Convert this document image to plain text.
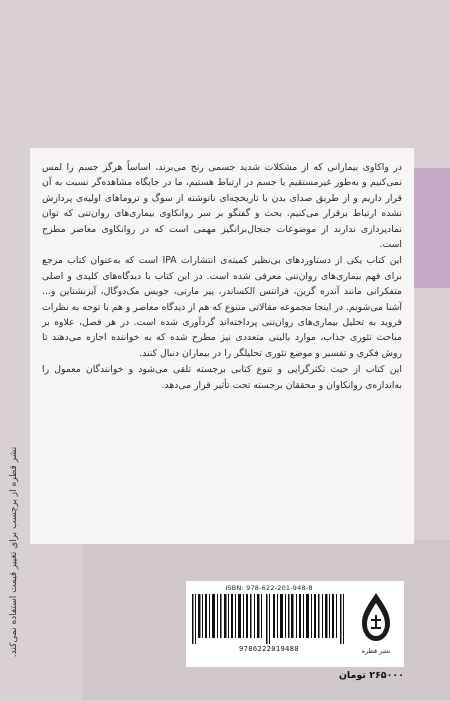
در واکاوی بیمارانی که از مشکلات شدید جسمی رنج می‌برند، اساساً هرگز جسم را لمس نمی‌کنیم و به‌طور غیرمستقیم با جسم در ارتباط هستیم، ما در جایگاه مشاهده‌گر نسبت به آن قرار داریم و از طریق صدای بدن با تاریخچه‌ای ناتوشته از سوگ و تروماهای اولیه‌ی پردازش نشده ارتباط برقرار می‌کنیم. بحث و گفتگو بر سر روانکاوی بیماری‌های روان‌تنی که توان نمادپردازی ندارند از موضوعات جنجال‌برانگیز مهمی است که در روانکاوی معاصر مطرح است.

این کتاب یکی از دستاوردهای بی‌نظیر کمیته‌ی انتشارات IPA است که به‌عنوان کتاب مرجع برای فهم بیماری‌های روان‌تنی معرفی شده است. در این کتاب با دیدگاه‌های کلیدی و اصلی متفکرانی مانند آندره گرین، فرانتس الکساندر، پیر مارتی، جویس مک‌دوگال، آیزنشتاین و... آشنا می‌شویم. در اینجا مجموعه مقالاتی متنوع که هم از دیدگاه معاصر و هم با توجه به نظرات فروید به تحلیل بیماری‌های روان‌تنی پرداخته‌اند گردآوری شده است. در هر فصل، علاوه بر مباحث تئوری جذاب، موارد بالینی متعددی نیز مطرح شده که به خواننده اجازه می‌دهند تا روش فکری و تفسیر و موضع تئوری تحلیلگر را در بیماران دنبال کنند.

این کتاب از حیث تکثرگرایی و تنوع کتابی برجسته تلقی می‌شود و خوانندگان معمول را به‌اندازه‌ی روانکاوان و محققان برجسته تحت تأثیر قرار می‌دهد.

نشر قطره از برچسب برای تغییر قیمت استفاده نمی‌کند.	ISBN: 978-622-201-948-8
9786222019488	نشر قطره
۲۶۵۰۰۰ تومان
